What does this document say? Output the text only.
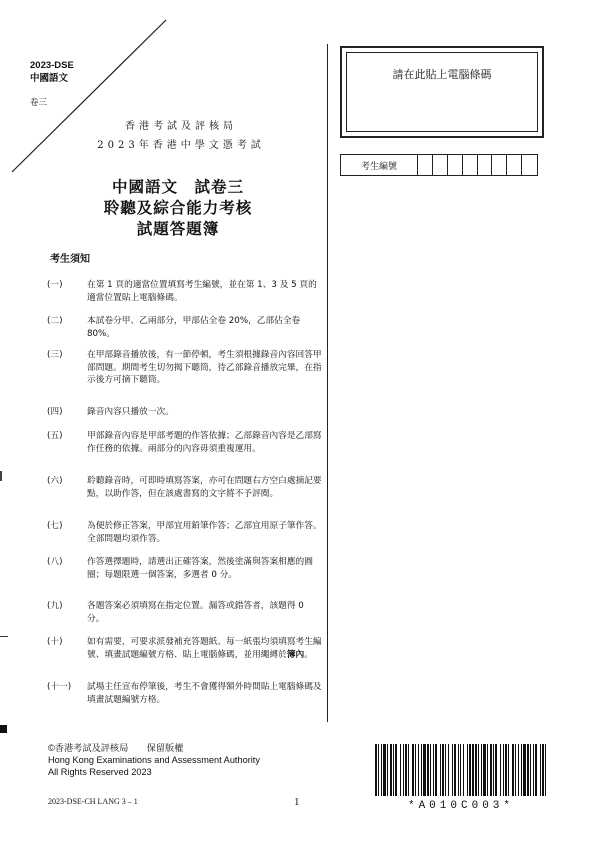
2023-DSE
中國語文
卷三
香港考試及評核局
2023年香港中學文憑考試
中國語文　試卷三
聆聽及綜合能力考核
試題答題簿
考生須知
(一)	在第 1 頁的適當位置填寫考生編號，並在第 1、3 及 5 頁的適當位置貼上電腦條碼。
(二)	本試卷分甲、乙兩部分，甲部佔全卷 20%，乙部佔全卷 80%。
(三)	在甲部錄音播放後，有一節停頓，考生須根據錄音內容回答甲部問題。期間考生切勿揭下聽筒，待乙部錄音播放完畢，在指示後方可摘下聽筒。
(四)	錄音內容只播放一次。
(五)	甲部錄音內容是甲部考題的作答依據；乙部錄音內容是乙部寫作任務的依據。兩部分的內容毋須重複運用。
(六)	聆聽錄音時，可即時填寫答案，亦可在問題右方空白處摘記要點，以助作答，但在該處書寫的文字將不予評閱。
(七)	為便於修正答案，甲部宜用鉛筆作答；乙部宜用原子筆作答。全部問題均須作答。
(八)	作答選擇題時，請選出正確答案，然後塗滿與答案相應的圓圈；每題限選一個答案，多選者 0 分。
(九)	各題答案必須填寫在指定位置。漏答或錯答者，該題得 0 分。
(十)	如有需要，可要求派發補充答題紙。每一紙張均須填寫考生編號、填畫試題編號方格、貼上電腦條碼，並用繩縛於簿內。
(十一)	試場主任宣布停筆後，考生不會獲得額外時間貼上電腦條碼及填畫試題編號方格。
請在此貼上電腦條碼
考生編號
©香港考試及評核局　　保留版權
Hong Kong Examinations and Assessment Authority
All Rights Reserved 2023
2023-DSE-CH LANG 3 – 1	1	*A010C003*
